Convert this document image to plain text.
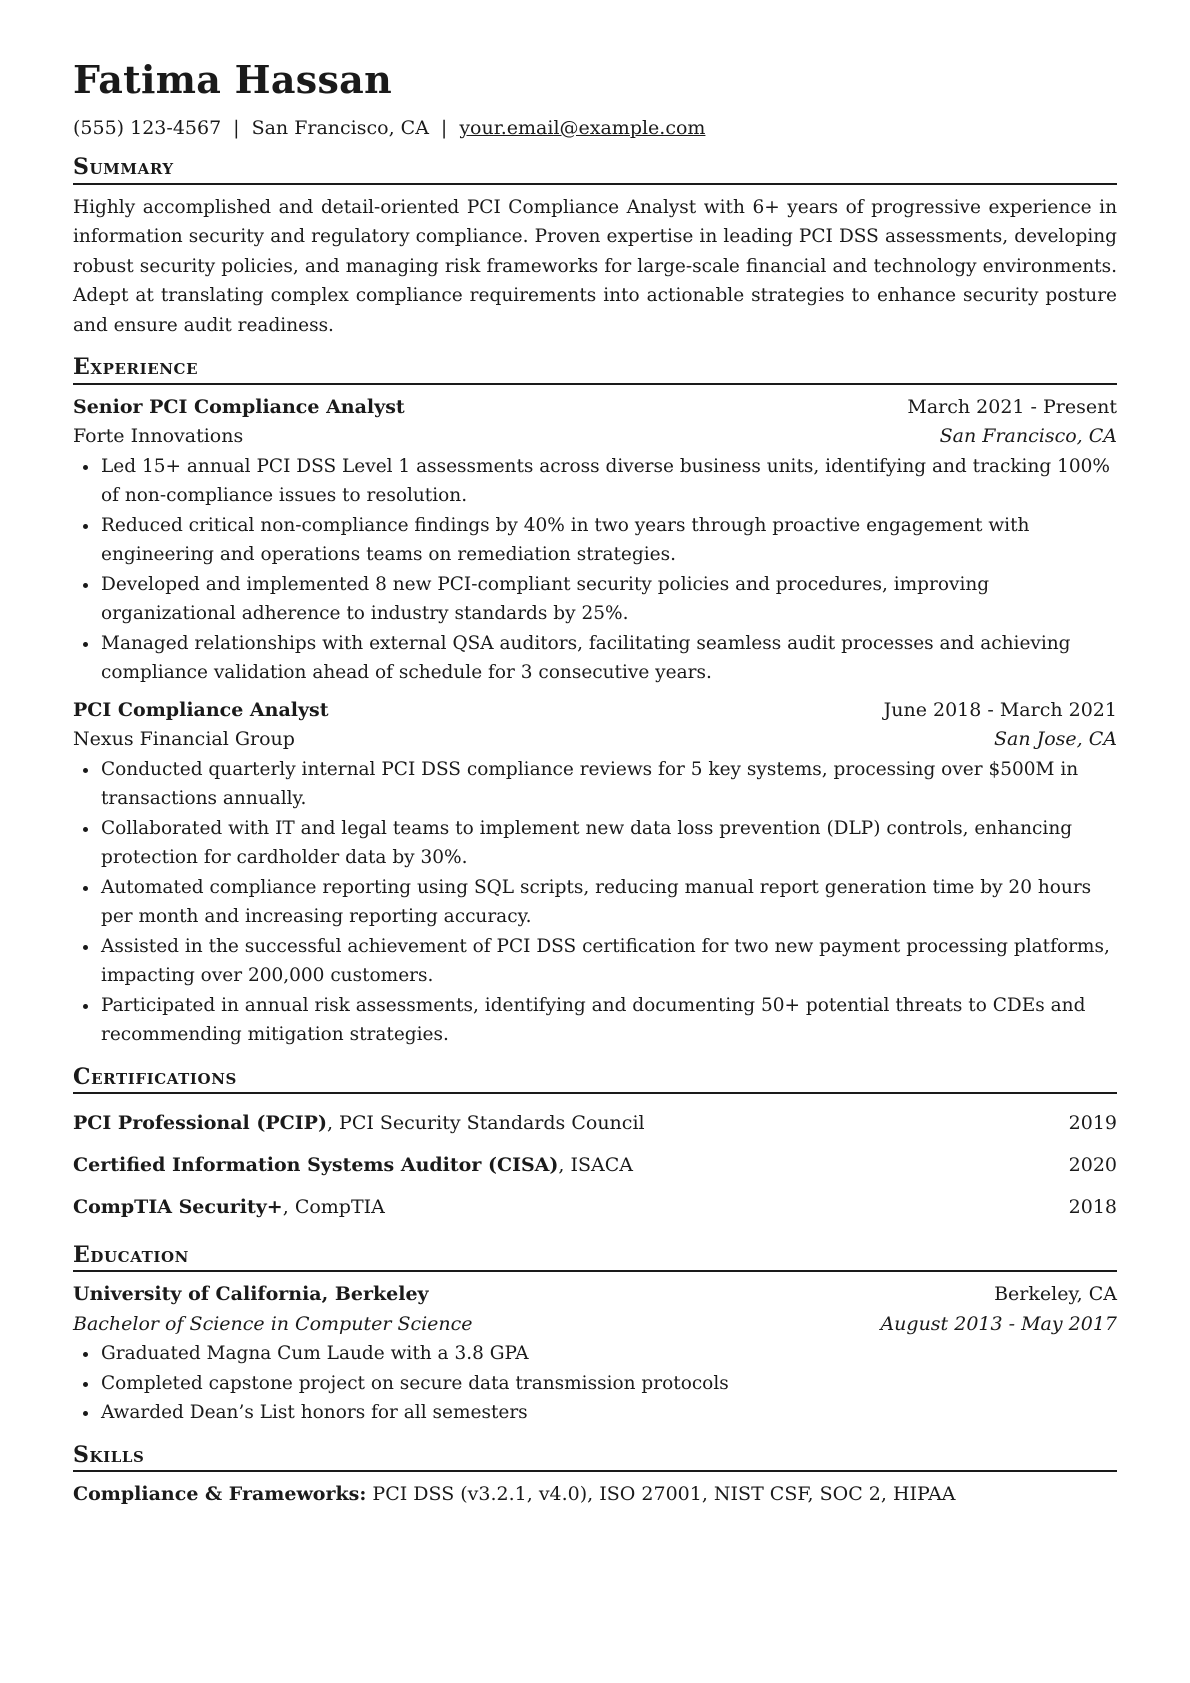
Fatima Hassan
(555) 123-4567 | San Francisco, CA | your.email@example.com
Summary

Highly accomplished and detail-oriented PCI Compliance Analyst with 6+ years of progressive experience in information security and regulatory compliance. Proven expertise in leading PCI DSS assessments, developing robust security policies, and managing risk frameworks for large-scale financial and technology environments. Adept at translating complex compliance requirements into actionable strategies to enhance security posture and ensure audit readiness.

Experience
Senior PCI Compliance Analyst	March 2021 - Present
Forte Innovations	San Francisco, CA
• Led 15+ annual PCI DSS Level 1 assessments across diverse business units, identifying and tracking 100% of non-compliance issues to resolution.
• Reduced critical non-compliance findings by 40% in two years through proactive engagement with engineering and operations teams on remediation strategies.
• Developed and implemented 8 new PCI-compliant security policies and procedures, improving organizational adherence to industry standards by 25%.
• Managed relationships with external QSA auditors, facilitating seamless audit processes and achieving compliance validation ahead of schedule for 3 consecutive years.
PCI Compliance Analyst	June 2018 - March 2021
Nexus Financial Group	San Jose, CA
• Conducted quarterly internal PCI DSS compliance reviews for 5 key systems, processing over $500M in transactions annually.
• Collaborated with IT and legal teams to implement new data loss prevention (DLP) controls, enhancing protection for cardholder data by 30%.
• Automated compliance reporting using SQL scripts, reducing manual report generation time by 20 hours per month and increasing reporting accuracy.
• Assisted in the successful achievement of PCI DSS certification for two new payment processing platforms, impacting over 200,000 customers.
• Participated in annual risk assessments, identifying and documenting 50+ potential threats to CDEs and recommending mitigation strategies.
Certifications
PCI Professional (PCIP), PCI Security Standards Council	2019
Certified Information Systems Auditor (CISA), ISACA	2020
CompTIA Security+, CompTIA	2018
Education
University of California, Berkeley	Berkeley, CA
Bachelor of Science in Computer Science	August 2013 - May 2017
• Graduated Magna Cum Laude with a 3.8 GPA
• Completed capstone project on secure data transmission protocols
• Awarded Dean’s List honors for all semesters
Skills
Compliance & Frameworks: PCI DSS (v3.2.1, v4.0), ISO 27001, NIST CSF, SOC 2, HIPAA
